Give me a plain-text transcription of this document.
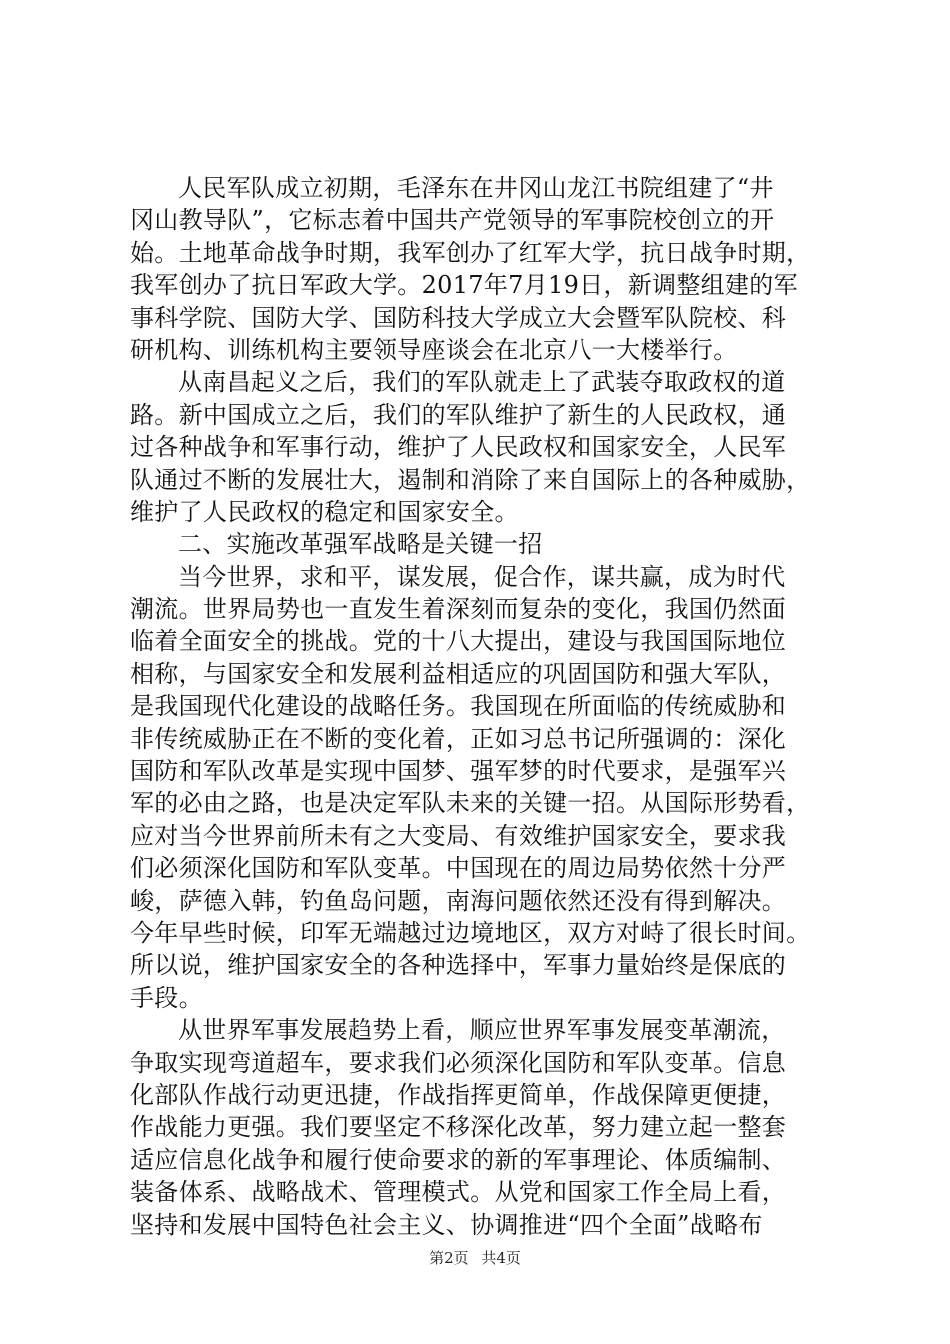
人民军队成立初期，毛泽东在井冈山龙江书院组建了“井
冈山教导队”，它标志着中国共产党领导的军事院校创立的开
始。土地革命战争时期，我军创办了红军大学，抗日战争时期，
我军创办了抗日军政大学。2017年7月19日，新调整组建的军
事科学院、国防大学、国防科技大学成立大会暨军队院校、科
研机构、训练机构主要领导座谈会在北京八一大楼举行。
从南昌起义之后，我们的军队就走上了武装夺取政权的道
路。新中国成立之后，我们的军队维护了新生的人民政权，通
过各种战争和军事行动，维护了人民政权和国家安全，人民军
队通过不断的发展壮大，遏制和消除了来自国际上的各种威胁，
维护了人民政权的稳定和国家安全。
二、实施改革强军战略是关键一招
当今世界，求和平，谋发展，促合作，谋共赢，成为时代
潮流。世界局势也一直发生着深刻而复杂的变化，我国仍然面
临着全面安全的挑战。党的十八大提出，建设与我国国际地位
相称，与国家安全和发展利益相适应的巩固国防和强大军队，
是我国现代化建设的战略任务。我国现在所面临的传统威胁和
非传统威胁正在不断的变化着，正如习总书记所强调的：深化
国防和军队改革是实现中国梦、强军梦的时代要求，是强军兴
军的必由之路，也是决定军队未来的关键一招。从国际形势看，
应对当今世界前所未有之大变局、有效维护国家安全，要求我
们必须深化国防和军队变革。中国现在的周边局势依然十分严
峻，萨德入韩，钓鱼岛问题，南海问题依然还没有得到解决。
今年早些时候，印军无端越过边境地区，双方对峙了很长时间。
所以说，维护国家安全的各种选择中，军事力量始终是保底的
手段。
从世界军事发展趋势上看，顺应世界军事发展变革潮流，
争取实现弯道超车，要求我们必须深化国防和军队变革。信息
化部队作战行动更迅捷，作战指挥更简单，作战保障更便捷，
作战能力更强。我们要坚定不移深化改革，努力建立起一整套
适应信息化战争和履行使命要求的新的军事理论、体质编制、
装备体系、战略战术、管理模式。从党和国家工作全局上看，
坚持和发展中国特色社会主义、协调推进“四个全面”战略布
第2页 共4页
